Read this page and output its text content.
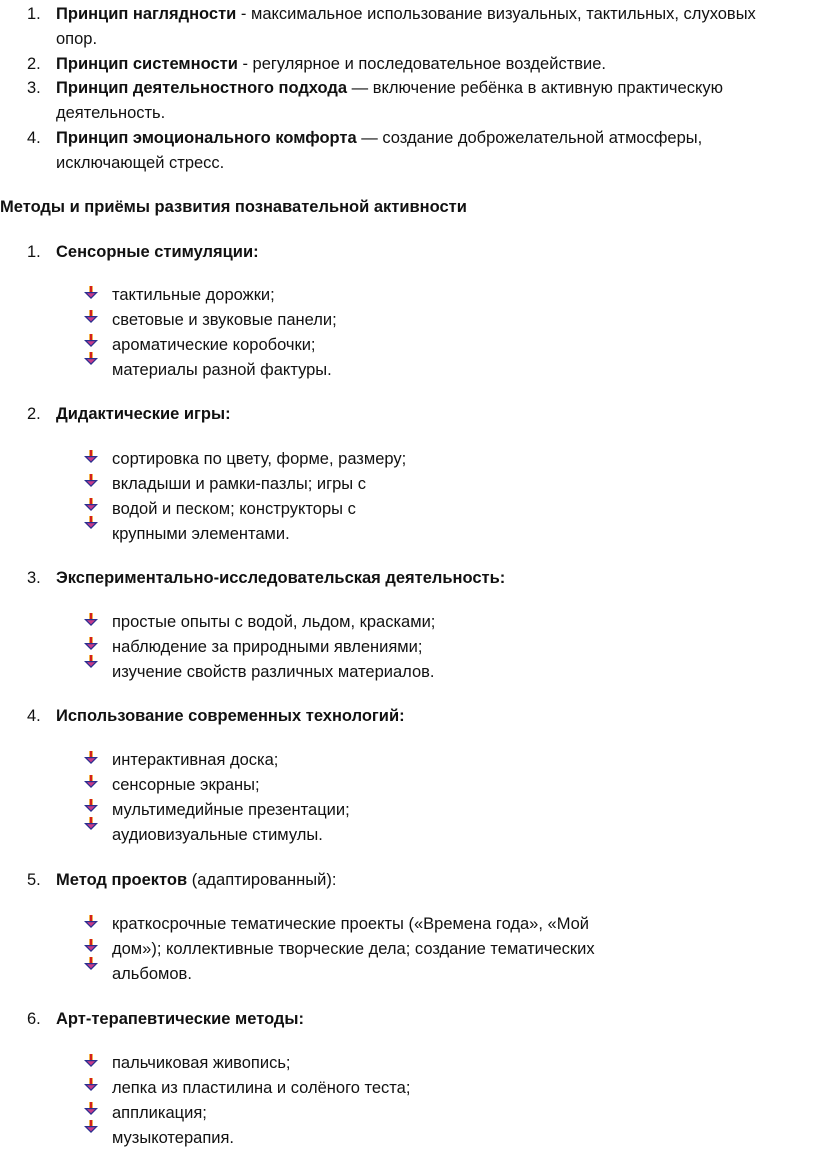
1. Принцип наглядности - максимальное использование визуальных, тактильных, слуховых
опор.
2. Принцип системности - регулярное и последовательное воздействие.
3. Принцип деятельностного подхода — включение ребёнка в активную практическую
деятельность.
4. Принцип эмоционального комфорта — создание доброжелательной атмосферы,
исключающей стресс.
Методы и приёмы развития познавательной активности
1. Сенсорные стимуляции:
тактильные дорожки;
световые и звуковые панели;
ароматические коробочки;
материалы разной фактуры.
2. Дидактические игры:
сортировка по цвету, форме, размеру;
вкладыши и рамки-пазлы; игры с
водой и песком; конструкторы с
крупными элементами.
3. Экспериментально-исследовательская деятельность:
простые опыты с водой, льдом, красками;
наблюдение за природными явлениями;
изучение свойств различных материалов.
4. Использование современных технологий:
интерактивная доска;
сенсорные экраны;
мультимедийные презентации;
аудиовизуальные стимулы.
5. Метод проектов (адаптированный):
краткосрочные тематические проекты («Времена года», «Мой
дом»); коллективные творческие дела; создание тематических
альбомов.
6. Арт-терапевтические методы:
пальчиковая живопись;
лепка из пластилина и солёного теста;
аппликация;
музыкотерапия.
